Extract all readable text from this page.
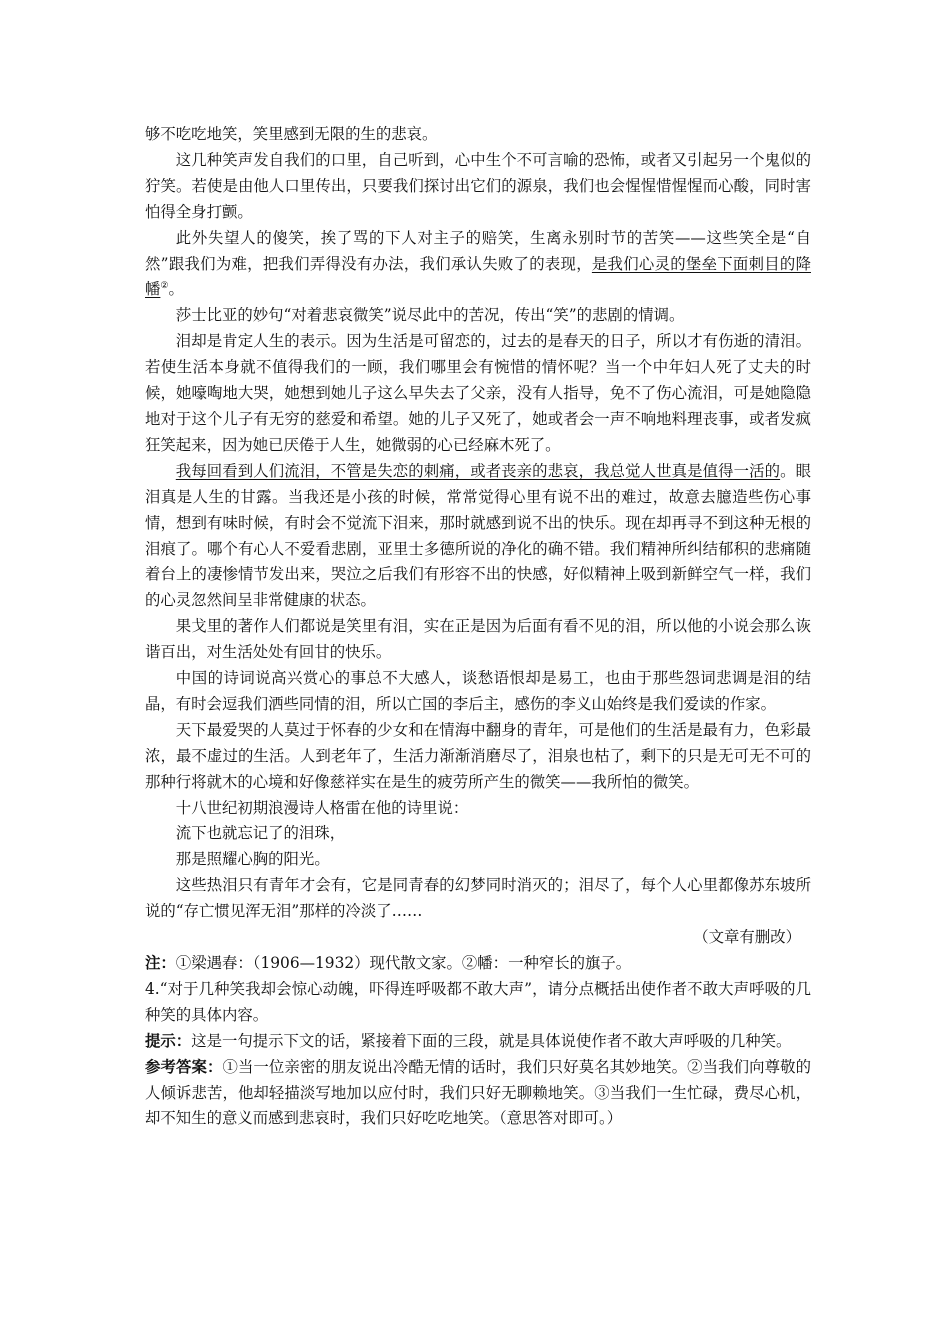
够不吃吃地笑，笑里感到无限的生的悲哀。

这几种笑声发自我们的口里，自己听到，心中生个不可言喻的恐怖，或者又引起另一个鬼似的狞笑。若使是由他人口里传出，只要我们探讨出它们的源泉，我们也会惺惺惜惺惺而心酸，同时害怕得全身打颤。

此外失望人的傻笑，挨了骂的下人对主子的赔笑，生离永别时节的苦笑——这些笑全是“自然”跟我们为难，把我们弄得没有办法，我们承认失败了的表现，是我们心灵的堡垒下面刺目的降幡②。

莎士比亚的妙句“对着悲哀微笑”说尽此中的苦况，传出“笑”的悲剧的情调。

泪却是肯定人生的表示。因为生活是可留恋的，过去的是春天的日子，所以才有伤逝的清泪。若使生活本身就不值得我们的一顾，我们哪里会有惋惜的情怀呢？当一个中年妇人死了丈夫的时候，她嚎啕地大哭，她想到她儿子这么早失去了父亲，没有人指导，免不了伤心流泪，可是她隐隐地对于这个儿子有无穷的慈爱和希望。她的儿子又死了，她或者会一声不响地料理丧事，或者发疯狂笑起来，因为她已厌倦于人生，她微弱的心已经麻木死了。

我每回看到人们流泪，不管是失恋的刺痛，或者丧亲的悲哀，我总觉人世真是值得一活的。眼泪真是人生的甘露。当我还是小孩的时候，常常觉得心里有说不出的难过，故意去臆造些伤心事情，想到有味时候，有时会不觉流下泪来，那时就感到说不出的快乐。现在却再寻不到这种无根的泪痕了。哪个有心人不爱看悲剧，亚里士多德所说的净化的确不错。我们精神所纠结郁积的悲痛随着台上的凄惨情节发出来，哭泣之后我们有形容不出的快感，好似精神上吸到新鲜空气一样，我们的心灵忽然间呈非常健康的状态。

果戈里的著作人们都说是笑里有泪，实在正是因为后面有看不见的泪，所以他的小说会那么诙谐百出，对生活处处有回甘的快乐。

中国的诗词说高兴赏心的事总不大感人，谈愁语恨却是易工，也由于那些怨词悲调是泪的结晶，有时会逗我们洒些同情的泪，所以亡国的李后主，感伤的李义山始终是我们爱读的作家。

天下最爱哭的人莫过于怀春的少女和在情海中翻身的青年，可是他们的生活是最有力，色彩最浓，最不虚过的生活。人到老年了，生活力渐渐消磨尽了，泪泉也枯了，剩下的只是无可无不可的那种行将就木的心境和好像慈祥实在是生的疲劳所产生的微笑——我所怕的微笑。

十八世纪初期浪漫诗人格雷在他的诗里说：

流下也就忘记了的泪珠，

那是照耀心胸的阳光。

这些热泪只有青年才会有，它是同青春的幻梦同时消灭的；泪尽了，每个人心里都像苏东坡所说的“存亡惯见浑无泪”那样的冷淡了……

（文章有删改）

注：①梁遇春：（1906—1932）现代散文家。②幡：一种窄长的旗子。

4.“对于几种笑我却会惊心动魄，吓得连呼吸都不敢大声”，请分点概括出使作者不敢大声呼吸的几种笑的具体内容。

提示：这是一句提示下文的话，紧接着下面的三段，就是具体说使作者不敢大声呼吸的几种笑。

参考答案：①当一位亲密的朋友说出冷酷无情的话时，我们只好莫名其妙地笑。②当我们向尊敬的人倾诉悲苦，他却轻描淡写地加以应付时，我们只好无聊赖地笑。③当我们一生忙碌，费尽心机，却不知生的意义而感到悲哀时，我们只好吃吃地笑。（意思答对即可。）
